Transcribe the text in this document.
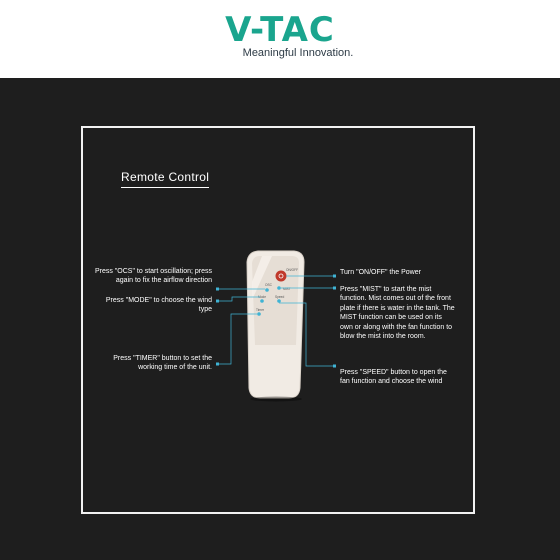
V-TAC
Meaningful Innovation.
Remote Control
ON/OFF
MIST
OSC
Mode	Speed
Timer
Press "OCS" to start oscillation; press again to fix the airflow direction
Press "MODE" to choose the wind type
Press "TIMER" button to set the working time of the unit.
Turn "ON/OFF" the Power
Press "MIST" to start the mist function. Mist comes out of the front plate if there is water in the tank. The MIST function can be used on its own or along with the fan function to blow the mist into the room.
Press "SPEED" button to open the fan function and choose the wind
